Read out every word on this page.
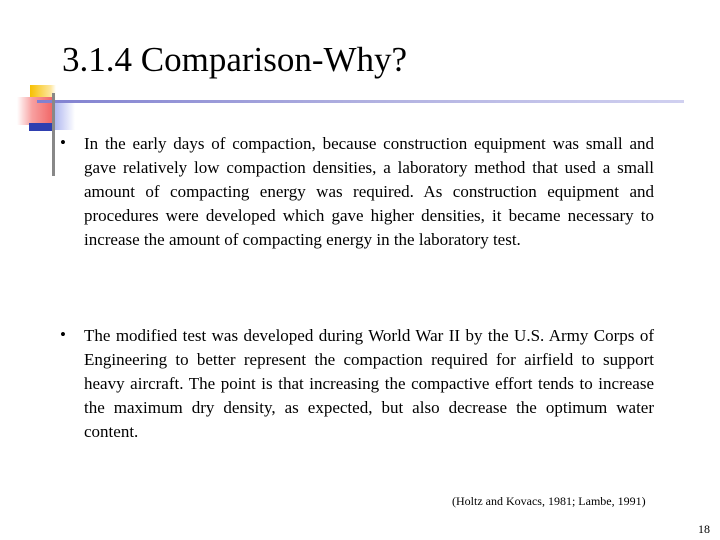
3.1.4 Comparison-Why?
• In the early days of compaction, because construction equipment was small and gave relatively low compaction densities, a laboratory method that used a small amount of compacting energy was required. As construction equipment and procedures were developed which gave higher densities, it became necessary to increase the amount of compacting energy in the laboratory test.
• The modified test was developed during World War II by the U.S. Army Corps of Engineering to better represent the compaction required for airfield to support heavy aircraft. The point is that increasing the compactive effort tends to increase the maximum dry density, as expected, but also decrease the optimum water content.
(Holtz and Kovacs, 1981; Lambe, 1991)
18
